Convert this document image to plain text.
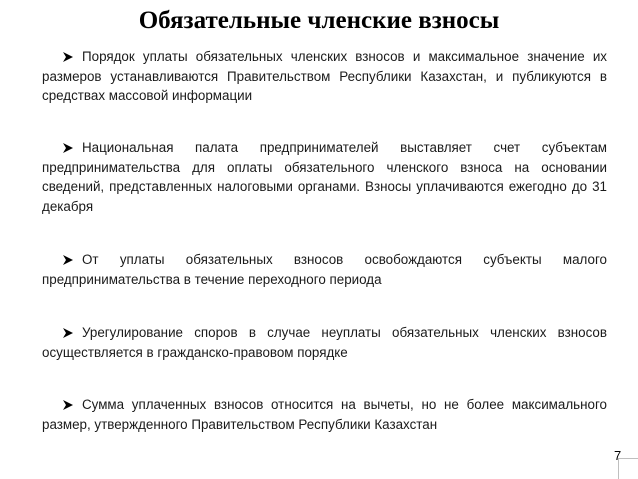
Обязательные членские взносы
Порядок уплаты обязательных членских взносов и максимальное значение их размеров устанавливаются Правительством Республики Казахстан, и публикуются в средствах массовой информации
Национальная палата предпринимателей выставляет счет субъектам предпринимательства для оплаты обязательного членского взноса на основании сведений, представленных налоговыми органами. Взносы уплачиваются ежегодно до 31 декабря
От уплаты обязательных взносов освобождаются субъекты малого предпринимательства в течение переходного периода
Урегулирование споров в случае неуплаты обязательных членских взносов осуществляется в гражданско-правовом порядке
Сумма уплаченных взносов относится на вычеты, но не более максимального размер, утвержденного Правительством Республики Казахстан
7
